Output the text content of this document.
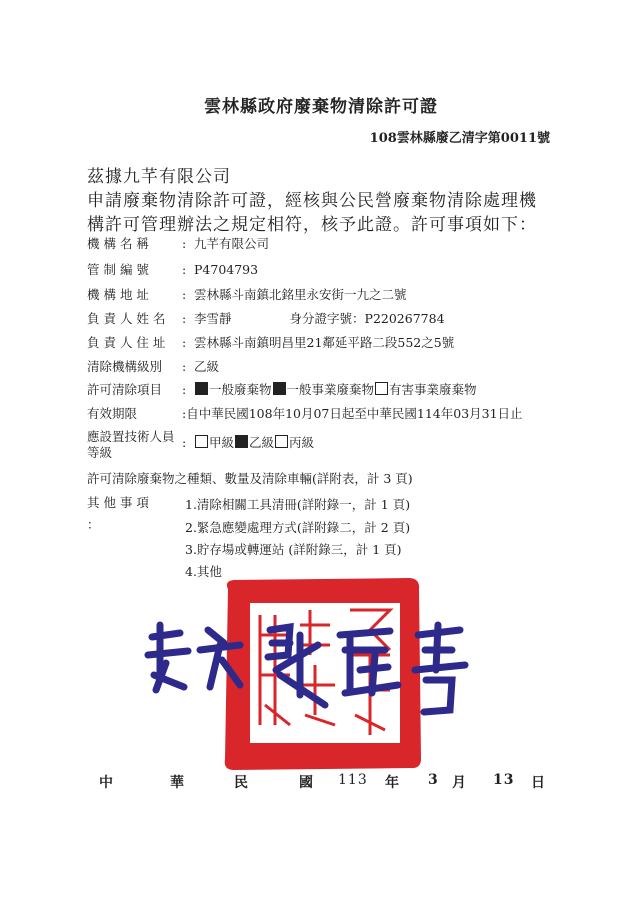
雲林縣政府廢棄物清除許可證
108雲林縣廢乙清字第0011號
茲據九芊有限公司
申請廢棄物清除許可證，經核與公民營廢棄物清除處理機
構許可管理辦法之規定相符，核予此證。許可事項如下：
機 構 名 稱	: 九芊有限公司
管 制 編 號	: P4704793
機 構 地 址	: 雲林縣斗南鎮北銘里永安街一九之二號
負 責 人 姓 名 : 李雪靜	身分證字號：P220267784
負 責 人 住 址 : 雲林縣斗南鎮明昌里21鄰延平路二段552之5號
清除機構級別 : 乙級
許可清除項目 : 一般廢棄物 一般事業廢棄物 有害事業廢棄物
有效期限	:自中華民國108年10月07日起至中華民國114年03月31日止
應設置技術人員等級: 甲級 乙級 丙級
許可清除廢棄物之種類、數量及清除車輛(詳附表，計 3 頁)
其 他 事 項
：
1.清除相關工具清冊(詳附錄一，計 1 頁)
2.緊急應變處理方式(詳附錄二，計 2 頁)
3.貯存場或轉運站 (詳附錄三，計 1 頁)
4.其他
中	華	民	國 113 年 3 月 13 日
